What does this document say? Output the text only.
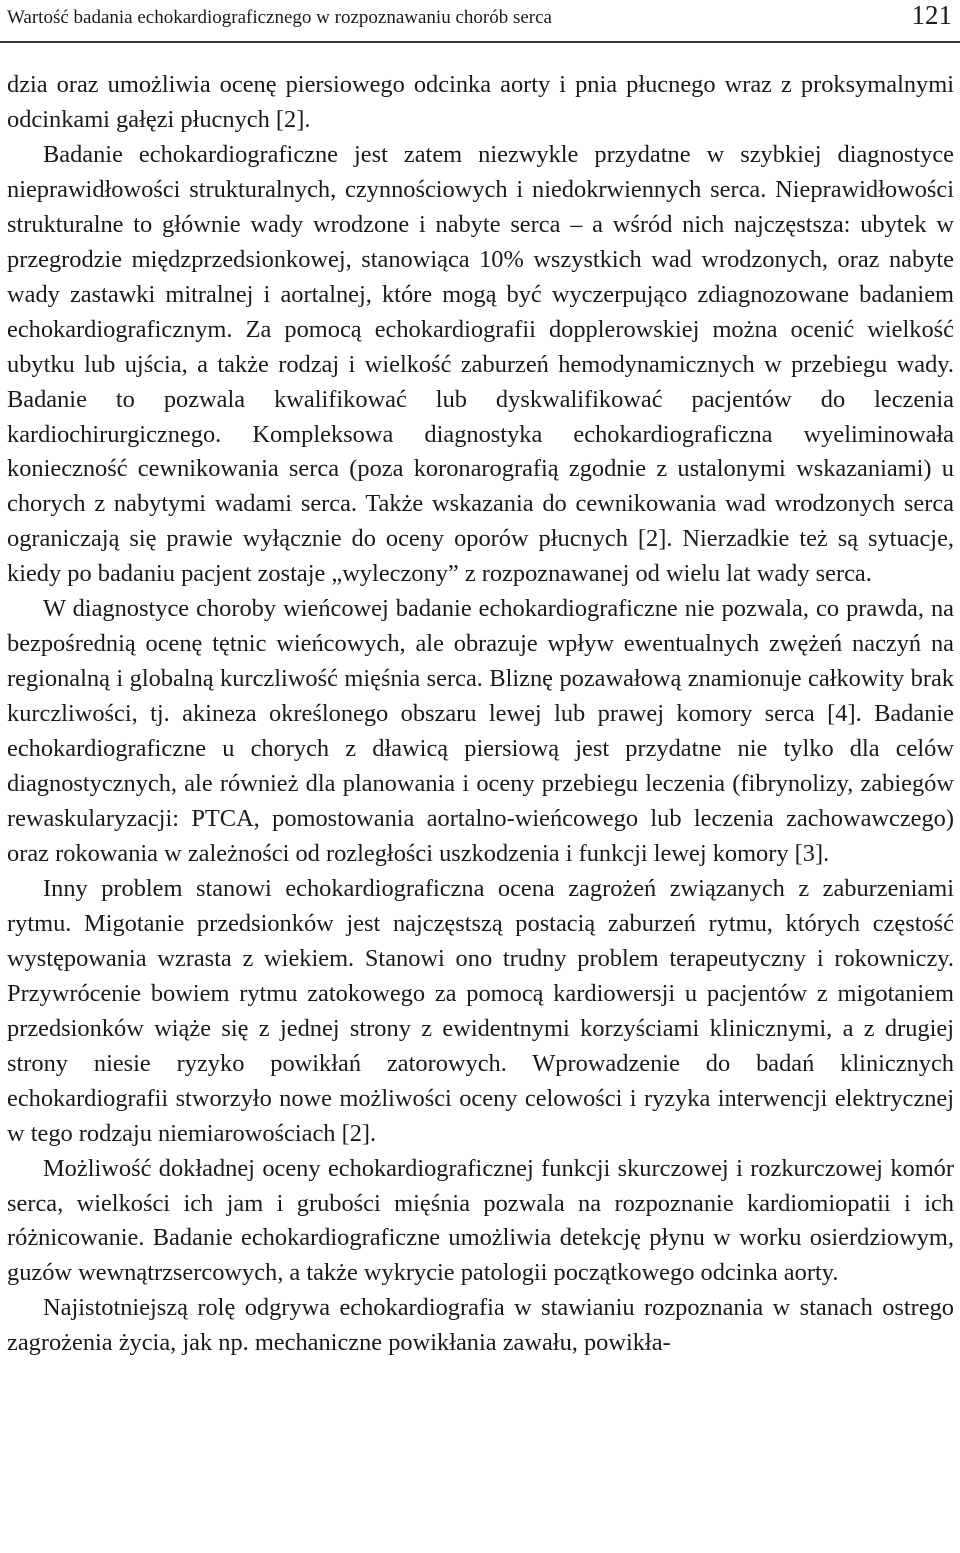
Wartość badania echokardiograficznego w rozpoznawaniu chorób serca	121

dzia oraz umożliwia ocenę piersiowego odcinka aorty i pnia płucnego wraz z proksymalnymi odcinkami gałęzi płucnych [2].

Badanie echokardiograficzne jest zatem niezwykle przydatne w szybkiej diagnostyce nieprawidłowości strukturalnych, czynnościowych i niedokrwiennych serca. Nieprawidłowości strukturalne to głównie wady wrodzone i nabyte serca – a wśród nich najczęstsza: ubytek w przegrodzie międzprzedsionkowej, stanowiąca 10% wszystkich wad wrodzonych, oraz nabyte wady zastawki mitralnej i aortalnej, które mogą być wyczerpująco zdiagnozowane badaniem echokardiograficznym. Za pomocą echokardiografii dopplerowskiej można ocenić wielkość ubytku lub ujścia, a także rodzaj i wielkość zaburzeń hemodynamicznych w przebiegu wady. Badanie to pozwala kwalifikować lub dyskwalifikować pacjentów do leczenia kardiochirurgicznego. Kompleksowa diagnostyka echokardiograficzna wyeliminowała konieczność cewnikowania serca (poza koronarografią zgodnie z ustalonymi wskazaniami) u chorych z nabytymi wadami serca. Także wskazania do cewnikowania wad wrodzonych serca ograniczają się prawie wyłącznie do oceny oporów płucnych [2]. Nierzadkie też są sytuacje, kiedy po badaniu pacjent zostaje „wyleczony” z rozpoznawanej od wielu lat wady serca.

W diagnostyce choroby wieńcowej badanie echokardiograficzne nie pozwala, co prawda, na bezpośrednią ocenę tętnic wieńcowych, ale obrazuje wpływ ewentualnych zwężeń naczyń na regionalną i globalną kurczliwość mięśnia serca. Bliznę pozawałową znamionuje całkowity brak kurczliwości, tj. akineza określonego obszaru lewej lub prawej komory serca [4]. Badanie echokardiograficzne u chorych z dławicą piersiową jest przydatne nie tylko dla celów diagnostycznych, ale również dla planowania i oceny przebiegu leczenia (fibrynolizy, zabiegów rewaskularyzacji: PTCA, pomostowania aortalno-wieńcowego lub leczenia zachowawczego) oraz rokowania w zależności od rozległości uszkodzenia i funkcji lewej komory [3].

Inny problem stanowi echokardiograficzna ocena zagrożeń związanych z zaburzeniami rytmu. Migotanie przedsionków jest najczęstszą postacią zaburzeń rytmu, których częstość występowania wzrasta z wiekiem. Stanowi ono trudny problem terapeutyczny i rokowniczy. Przywrócenie bowiem rytmu zatokowego za pomocą kardiowersji u pacjentów z migotaniem przedsionków wiąże się z jednej strony z ewidentnymi korzyściami klinicznymi, a z drugiej strony niesie ryzyko powikłań zatorowych. Wprowadzenie do badań klinicznych echokardiografii stworzyło nowe możliwości oceny celowości i ryzyka interwencji elektrycznej w tego rodzaju niemiarowościach [2].

Możliwość dokładnej oceny echokardiograficznej funkcji skurczowej i rozkurczowej komór serca, wielkości ich jam i grubości mięśnia pozwala na rozpoznanie kardiomiopatii i ich różnicowanie. Badanie echokardiograficzne umożliwia detekcję płynu w worku osierdziowym, guzów wewnątrzsercowych, a także wykrycie patologii początkowego odcinka aorty.

Najistotniejszą rolę odgrywa echokardiografia w stawianiu rozpoznania w stanach ostrego zagrożenia życia, jak np. mechaniczne powikłania zawału, powikła-
